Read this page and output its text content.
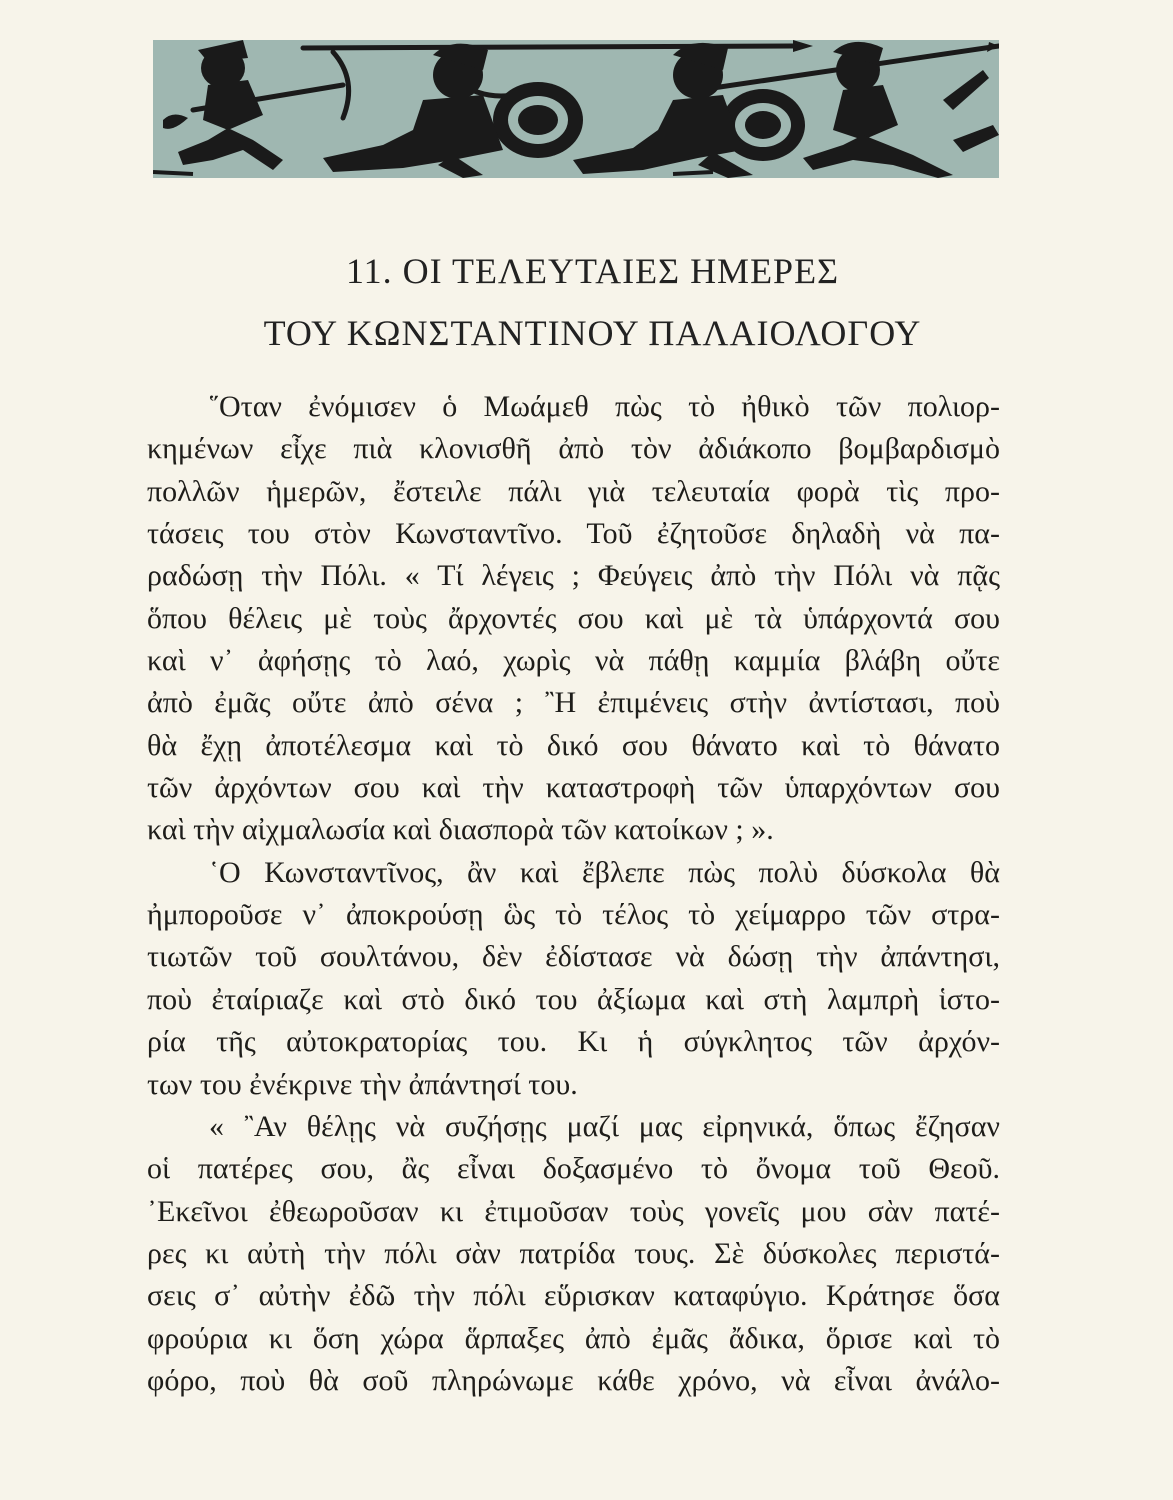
11. ΟΙ ΤΕΛΕΥΤΑΙΕΣ ΗΜΕΡΕΣ
ΤΟΥ ΚΩΝΣΤΑΝΤΙΝΟΥ ΠΑΛΑΙΟΛΟΓΟΥ
῞Οταν ἐνόμισεν ὁ Μωάμεθ πὼς τὸ ἠθικὸ τῶν πολιορ-
κημένων εἶχε πιὰ κλονισθῆ ἀπὸ τὸν ἀδιάκοπο βομβαρδισμὸ
πολλῶν ἡμερῶν, ἔστειλε πάλι γιὰ τελευταία φορὰ τὶς προ-
τάσεις του στὸν Κωνσταντῖνο. Τοῦ ἐζητοῦσε δηλαδὴ νὰ πα-
ραδώσῃ τὴν Πόλι. « Τί λέγεις ; Φεύγεις ἀπὸ τὴν Πόλι νὰ πᾷς
ὅπου θέλεις μὲ τοὺς ἄρχοντές σου καὶ μὲ τὰ ὑπάρχοντά σου
καὶ ν᾿ ἀφήσῃς τὸ λαό, χωρὶς νὰ πάθῃ καμμία βλάβη οὔτε
ἀπὸ ἐμᾶς οὔτε ἀπὸ σένα ; ῍Η ἐπιμένεις στὴν ἀντίστασι, ποὺ
θὰ ἔχῃ ἀποτέλεσμα καὶ τὸ δικό σου θάνατο καὶ τὸ θάνατο
τῶν ἀρχόντων σου καὶ τὴν καταστροφὴ τῶν ὑπαρχόντων σου
καὶ τὴν αἰχμαλωσία καὶ διασπορὰ τῶν κατοίκων ; ».
῾Ο Κωνσταντῖνος, ἂν καὶ ἔβλεπε πὼς πολὺ δύσκολα θὰ
ἠμποροῦσε ν᾿ ἀποκρούσῃ ὣς τὸ τέλος τὸ χείμαρρο τῶν στρα-
τιωτῶν τοῦ σουλτάνου, δὲν ἐδίστασε νὰ δώσῃ τὴν ἀπάντησι,
ποὺ ἐταίριαζε καὶ στὸ δικό του ἀξίωμα καὶ στὴ λαμπρὴ ἱστο-
ρία τῆς αὐτοκρατορίας του. Κι ἡ σύγκλητος τῶν ἀρχόν-
των του ἐνέκρινε τὴν ἀπάντησί του.
« ῍Αν θέλῃς νὰ συζήσῃς μαζί μας εἰρηνικά, ὅπως ἔζησαν
οἱ πατέρες σου, ἂς εἶναι δοξασμένο τὸ ὄνομα τοῦ Θεοῦ.
᾿Εκεῖνοι ἐθεωροῦσαν κι ἐτιμοῦσαν τοὺς γονεῖς μου σὰν πατέ-
ρες κι αὐτὴ τὴν πόλι σὰν πατρίδα τους. Σὲ δύσκολες περιστά-
σεις σ᾿ αὐτὴν ἐδῶ τὴν πόλι εὕρισκαν καταφύγιο. Κράτησε ὅσα
φρούρια κι ὅση χώρα ἅρπαξες ἀπὸ ἐμᾶς ἄδικα, ὅρισε καὶ τὸ
φόρο, ποὺ θὰ σοῦ πληρώνωμε κάθε χρόνο, νὰ εἶναι ἀνάλο-
